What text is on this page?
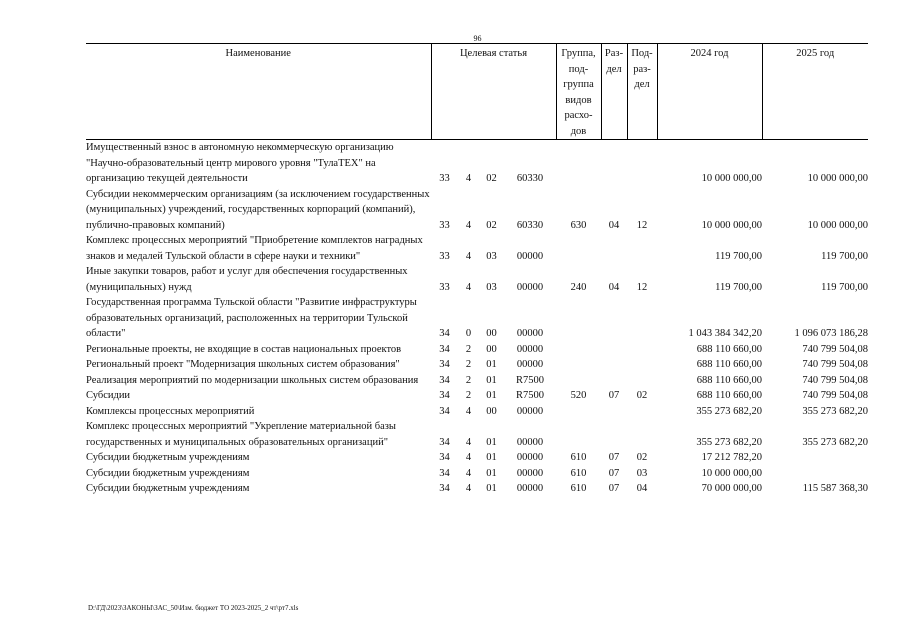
96
Наименование	Целевая статья				Группа, под- группа видов расхо- дов	Раз- дел	Под- раз- дел	2024 год	2025 год
Имущественный взнос в автономную некоммерческую организацию "Научно-образовательный центр мирового уровня "ТулаТЕХ" на организацию текущей деятельности	33	4	02	60330				10 000 000,00	10 000 000,00
Субсидии некоммерческим организациям (за исключением государственных (муниципальных) учреждений, государственных корпораций (компаний), публично-правовых компаний)	33	4	02	60330	630	04	12	10 000 000,00	10 000 000,00
Комплекс процессных мероприятий "Приобретение комплектов наградных знаков и медалей Тульской области в сфере науки и техники"	33	4	03	00000				119 700,00	119 700,00
Иные закупки товаров, работ и услуг для обеспечения государственных (муниципальных) нужд	33	4	03	00000	240	04	12	119 700,00	119 700,00
Государственная программа Тульской области "Развитие инфраструктуры образовательных организаций, расположенных на территории Тульской области"	34	0	00	00000				1 043 384 342,20	1 096 073 186,28
Региональные проекты, не входящие в состав национальных проектов	34	2	00	00000				688 110 660,00	740 799 504,08
Региональный проект "Модернизация школьных систем образования"	34	2	01	00000				688 110 660,00	740 799 504,08
Реализация мероприятий по модернизации школьных систем образования	34	2	01	R7500				688 110 660,00	740 799 504,08
Субсидии	34	2	01	R7500	520	07	02	688 110 660,00	740 799 504,08
Комплексы процессных мероприятий	34	4	00	00000				355 273 682,20	355 273 682,20
Комплекс процессных мероприятий "Укрепление материальной базы государственных и муниципальных образовательных организаций"	34	4	01	00000				355 273 682,20	355 273 682,20
Субсидии бюджетным учреждениям	34	4	01	00000	610	07	02	17 212 782,20	
Субсидии бюджетным учреждениям	34	4	01	00000	610	07	03	10 000 000,00	
Субсидии бюджетным учреждениям	34	4	01	00000	610	07	04	70 000 000,00	115 587 368,30
D:\ГД\2023\ЗАКОНЫ\ЗАС_50\Изм. бюджет ТО 2023-2025_2 чт\рт7.xls
